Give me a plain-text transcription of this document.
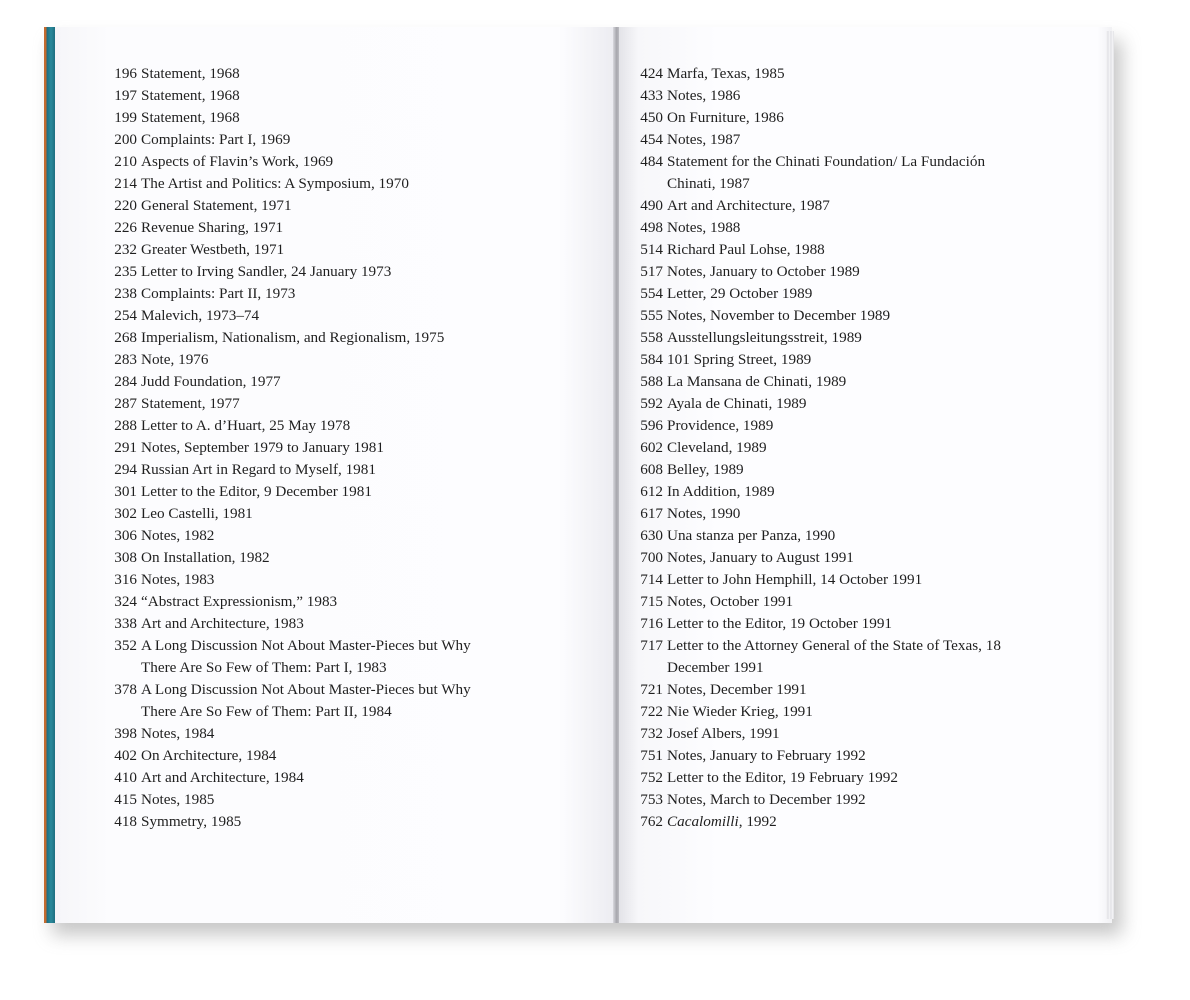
196 Statement, 1968
197 Statement, 1968
199 Statement, 1968
200 Complaints: Part I, 1969
210 Aspects of Flavin’s Work, 1969
214 The Artist and Politics: A Symposium, 1970
220 General Statement, 1971
226 Revenue Sharing, 1971
232 Greater Westbeth, 1971
235 Letter to Irving Sandler, 24 January 1973
238 Complaints: Part II, 1973
254 Malevich, 1973–74
268 Imperialism, Nationalism, and Regionalism, 1975
283 Note, 1976
284 Judd Foundation, 1977
287 Statement, 1977
288 Letter to A. d’Huart, 25 May 1978
291 Notes, September 1979 to January 1981
294 Russian Art in Regard to Myself, 1981
301 Letter to the Editor, 9 December 1981
302 Leo Castelli, 1981
306 Notes, 1982
308 On Installation, 1982
316 Notes, 1983
324 “Abstract Expressionism,” 1983
338 Art and Architecture, 1983
352 A Long Discussion Not About Master-Pieces but Why There Are So Few of Them: Part I, 1983
378 A Long Discussion Not About Master-Pieces but Why There Are So Few of Them: Part II, 1984
398 Notes, 1984
402 On Architecture, 1984
410 Art and Architecture, 1984
415 Notes, 1985
418 Symmetry, 1985
424 Marfa, Texas, 1985
433 Notes, 1986
450 On Furniture, 1986
454 Notes, 1987
484 Statement for the Chinati Foundation/ La Fundación Chinati, 1987
490 Art and Architecture, 1987
498 Notes, 1988
514 Richard Paul Lohse, 1988
517 Notes, January to October 1989
554 Letter, 29 October 1989
555 Notes, November to December 1989
558 Ausstellungsleitungsstreit, 1989
584 101 Spring Street, 1989
588 La Mansana de Chinati, 1989
592 Ayala de Chinati, 1989
596 Providence, 1989
602 Cleveland, 1989
608 Belley, 1989
612 In Addition, 1989
617 Notes, 1990
630 Una stanza per Panza, 1990
700 Notes, January to August 1991
714 Letter to John Hemphill, 14 October 1991
715 Notes, October 1991
716 Letter to the Editor, 19 October 1991
717 Letter to the Attorney General of the State of Texas, 18 December 1991
721 Notes, December 1991
722 Nie Wieder Krieg, 1991
732 Josef Albers, 1991
751 Notes, January to February 1992
752 Letter to the Editor, 19 February 1992
753 Notes, March to December 1992
762 Cacalomilli, 1992
